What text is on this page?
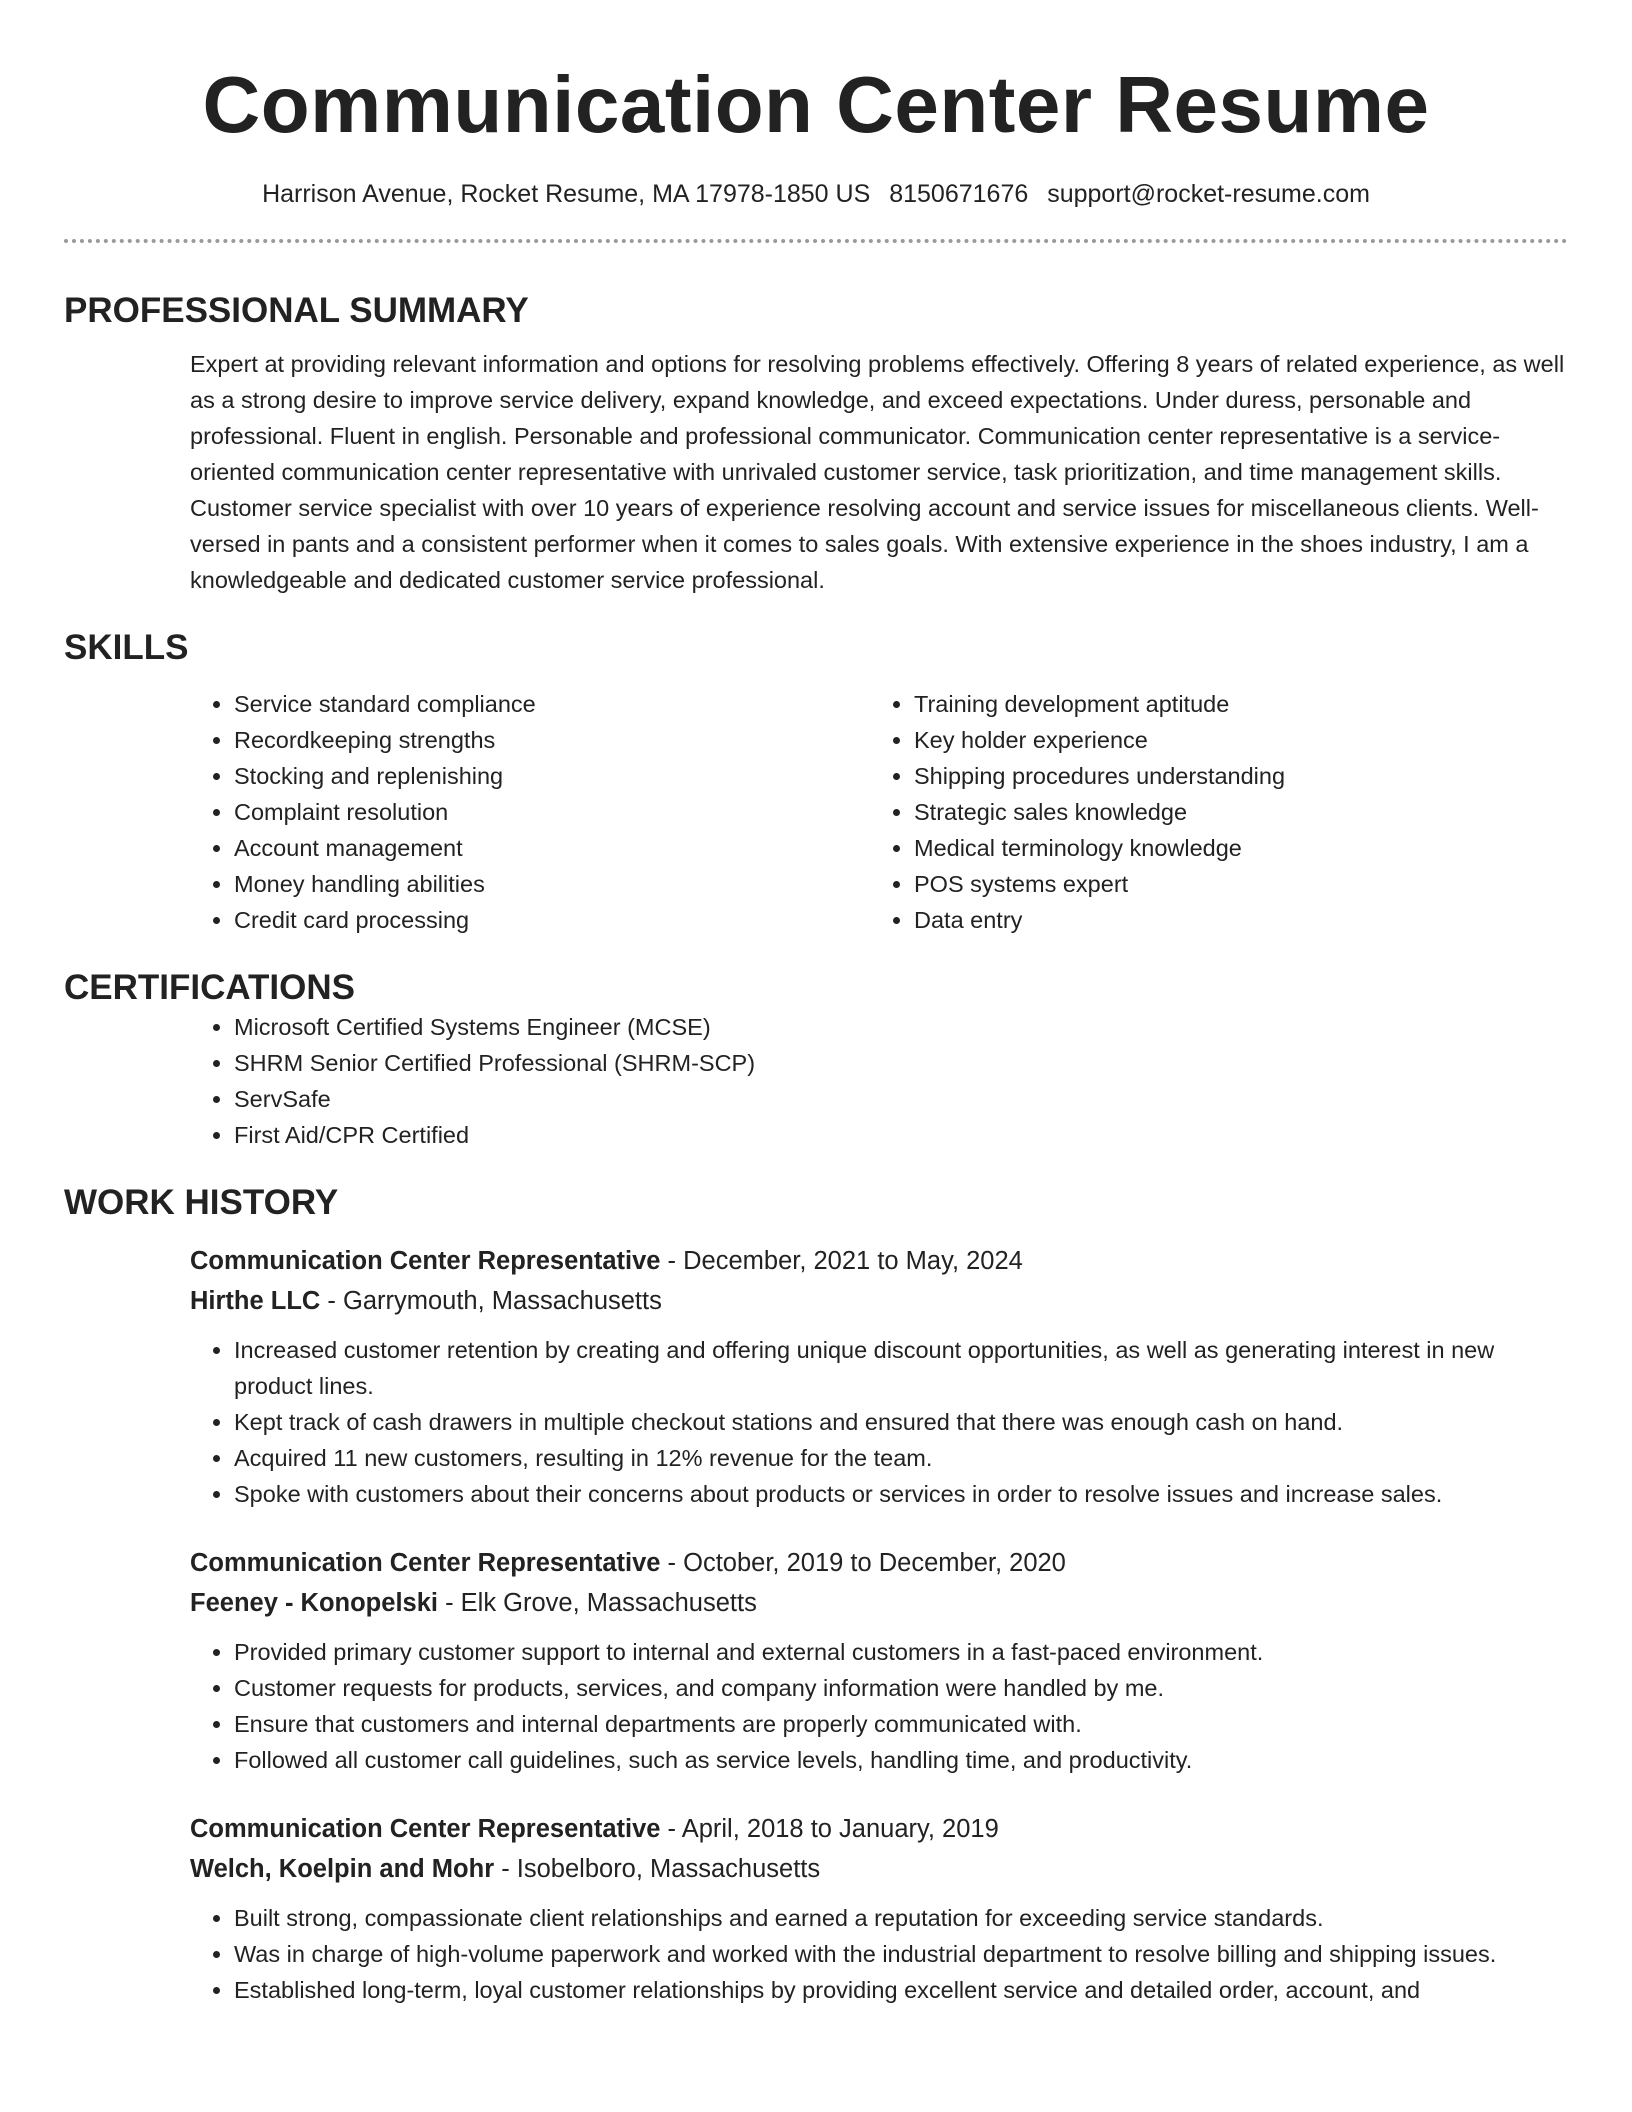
Communication Center Resume
Harrison Avenue, Rocket Resume, MA 17978-1850 US 8150671676 support@rocket-resume.com
PROFESSIONAL SUMMARY

Expert at providing relevant information and options for resolving problems effectively. Offering 8 years of related experience, as well as a strong desire to improve service delivery, expand knowledge, and exceed expectations. Under duress, personable and professional. Fluent in english. Personable and professional communicator. Communication center representative is a service-oriented communication center representative with unrivaled customer service, task prioritization, and time management skills. Customer service specialist with over 10 years of experience resolving account and service issues for miscellaneous clients. Well-versed in pants and a consistent performer when it comes to sales goals. With extensive experience in the shoes industry, I am a knowledgeable and dedicated customer service professional.

SKILLS
• Service standard compliance
• Recordkeeping strengths
• Stocking and replenishing
• Complaint resolution
• Account management
• Money handling abilities
• Credit card processing
• Training development aptitude
• Key holder experience
• Shipping procedures understanding
• Strategic sales knowledge
• Medical terminology knowledge
• POS systems expert
• Data entry
CERTIFICATIONS
• Microsoft Certified Systems Engineer (MCSE)
• SHRM Senior Certified Professional (SHRM-SCP)
• ServSafe
• First Aid/CPR Certified
WORK HISTORY
Communication Center Representative - December, 2021 to May, 2024
Hirthe LLC - Garrymouth, Massachusetts
• Increased customer retention by creating and offering unique discount opportunities, as well as generating interest in new product lines.
• Kept track of cash drawers in multiple checkout stations and ensured that there was enough cash on hand.
• Acquired 11 new customers, resulting in 12% revenue for the team.
• Spoke with customers about their concerns about products or services in order to resolve issues and increase sales.
Communication Center Representative - October, 2019 to December, 2020
Feeney - Konopelski - Elk Grove, Massachusetts
• Provided primary customer support to internal and external customers in a fast-paced environment.
• Customer requests for products, services, and company information were handled by me.
• Ensure that customers and internal departments are properly communicated with.
• Followed all customer call guidelines, such as service levels, handling time, and productivity.
Communication Center Representative - April, 2018 to January, 2019
Welch, Koelpin and Mohr - Isobelboro, Massachusetts
• Built strong, compassionate client relationships and earned a reputation for exceeding service standards.
• Was in charge of high-volume paperwork and worked with the industrial department to resolve billing and shipping issues.
• Established long-term, loyal customer relationships by providing excellent service and detailed order, account, and
